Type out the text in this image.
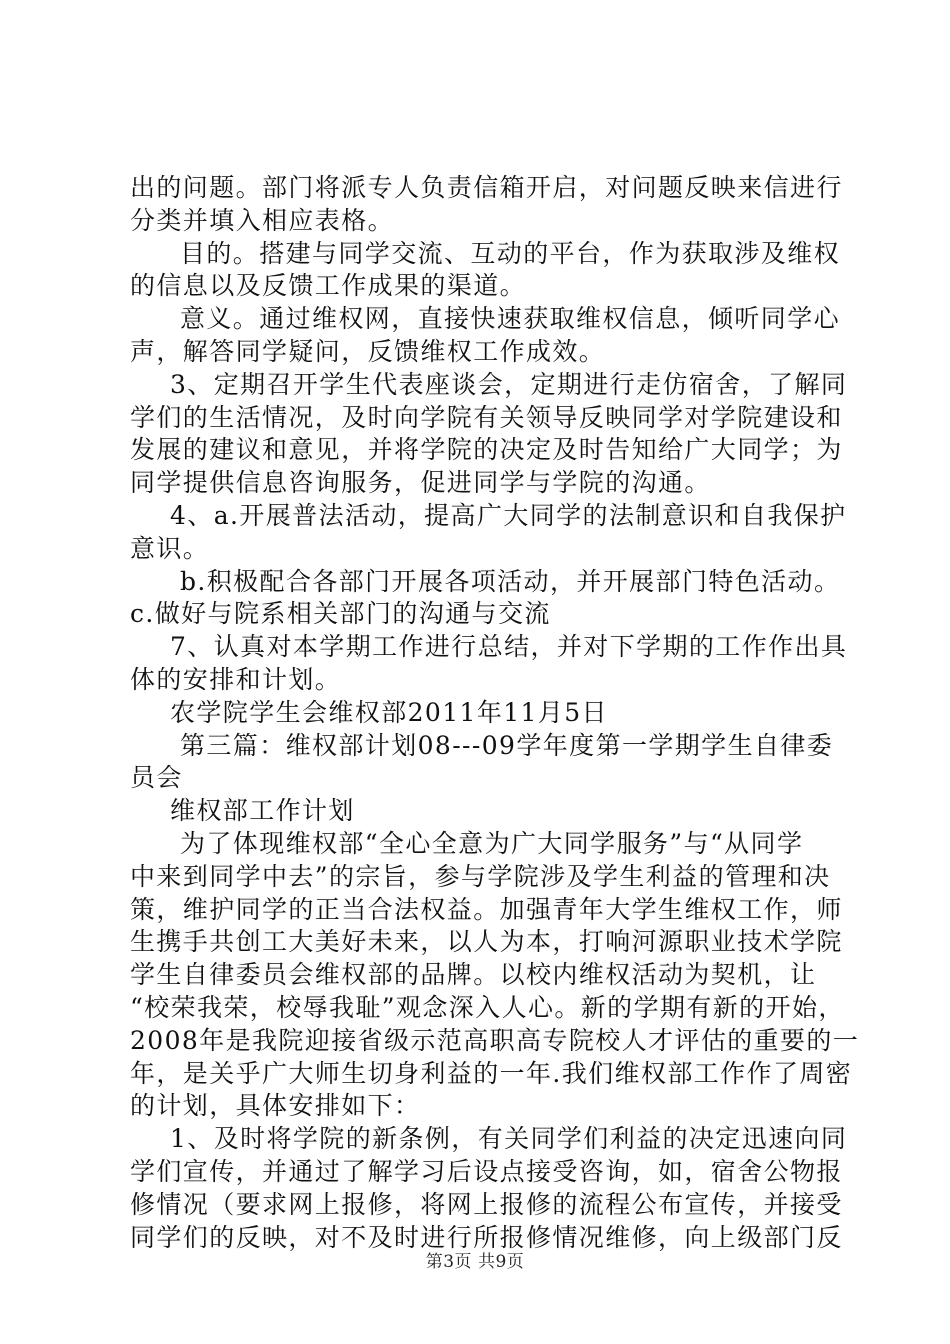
出的问题。部门将派专人负责信箱开启，对问题反映来信进行
分类并填入相应表格。
目的。搭建与同学交流、互动的平台，作为获取涉及维权
的信息以及反馈工作成果的渠道。
意义。通过维权网，直接快速获取维权信息，倾听同学心
声，解答同学疑问，反馈维权工作成效。
3、定期召开学生代表座谈会，定期进行走仿宿舍，了解同
学们的生活情况，及时向学院有关领导反映同学对学院建设和
发展的建议和意见，并将学院的决定及时告知给广大同学；为
同学提供信息咨询服务，促进同学与学院的沟通。
4、a.开展普法活动，提高广大同学的法制意识和自我保护
意识。
b.积极配合各部门开展各项活动，并开展部门特色活动。
c.做好与院系相关部门的沟通与交流
7、认真对本学期工作进行总结，并对下学期的工作作出具
体的安排和计划。
农学院学生会维权部2011年11月5日
第三篇：维权部计划08---09学年度第一学期学生自律委
员会
维权部工作计划
为了体现维权部“全心全意为广大同学服务”与“从同学
中来到同学中去”的宗旨，参与学院涉及学生利益的管理和决
策，维护同学的正当合法权益。加强青年大学生维权工作，师
生携手共创工大美好未来，以人为本，打响河源职业技术学院
学生自律委员会维权部的品牌。以校内维权活动为契机，让
“校荣我荣，校辱我耻”观念深入人心。新的学期有新的开始，
2008年是我院迎接省级示范高职高专院校人才评估的重要的一
年，是关乎广大师生切身利益的一年.我们维权部工作作了周密
的计划，具体安排如下：
1、及时将学院的新条例，有关同学们利益的决定迅速向同
学们宣传，并通过了解学习后设点接受咨询，如，宿舍公物报
修情况（要求网上报修，将网上报修的流程公布宣传，并接受
同学们的反映，对不及时进行所报修情况维修，向上级部门反
第3页 共9页
